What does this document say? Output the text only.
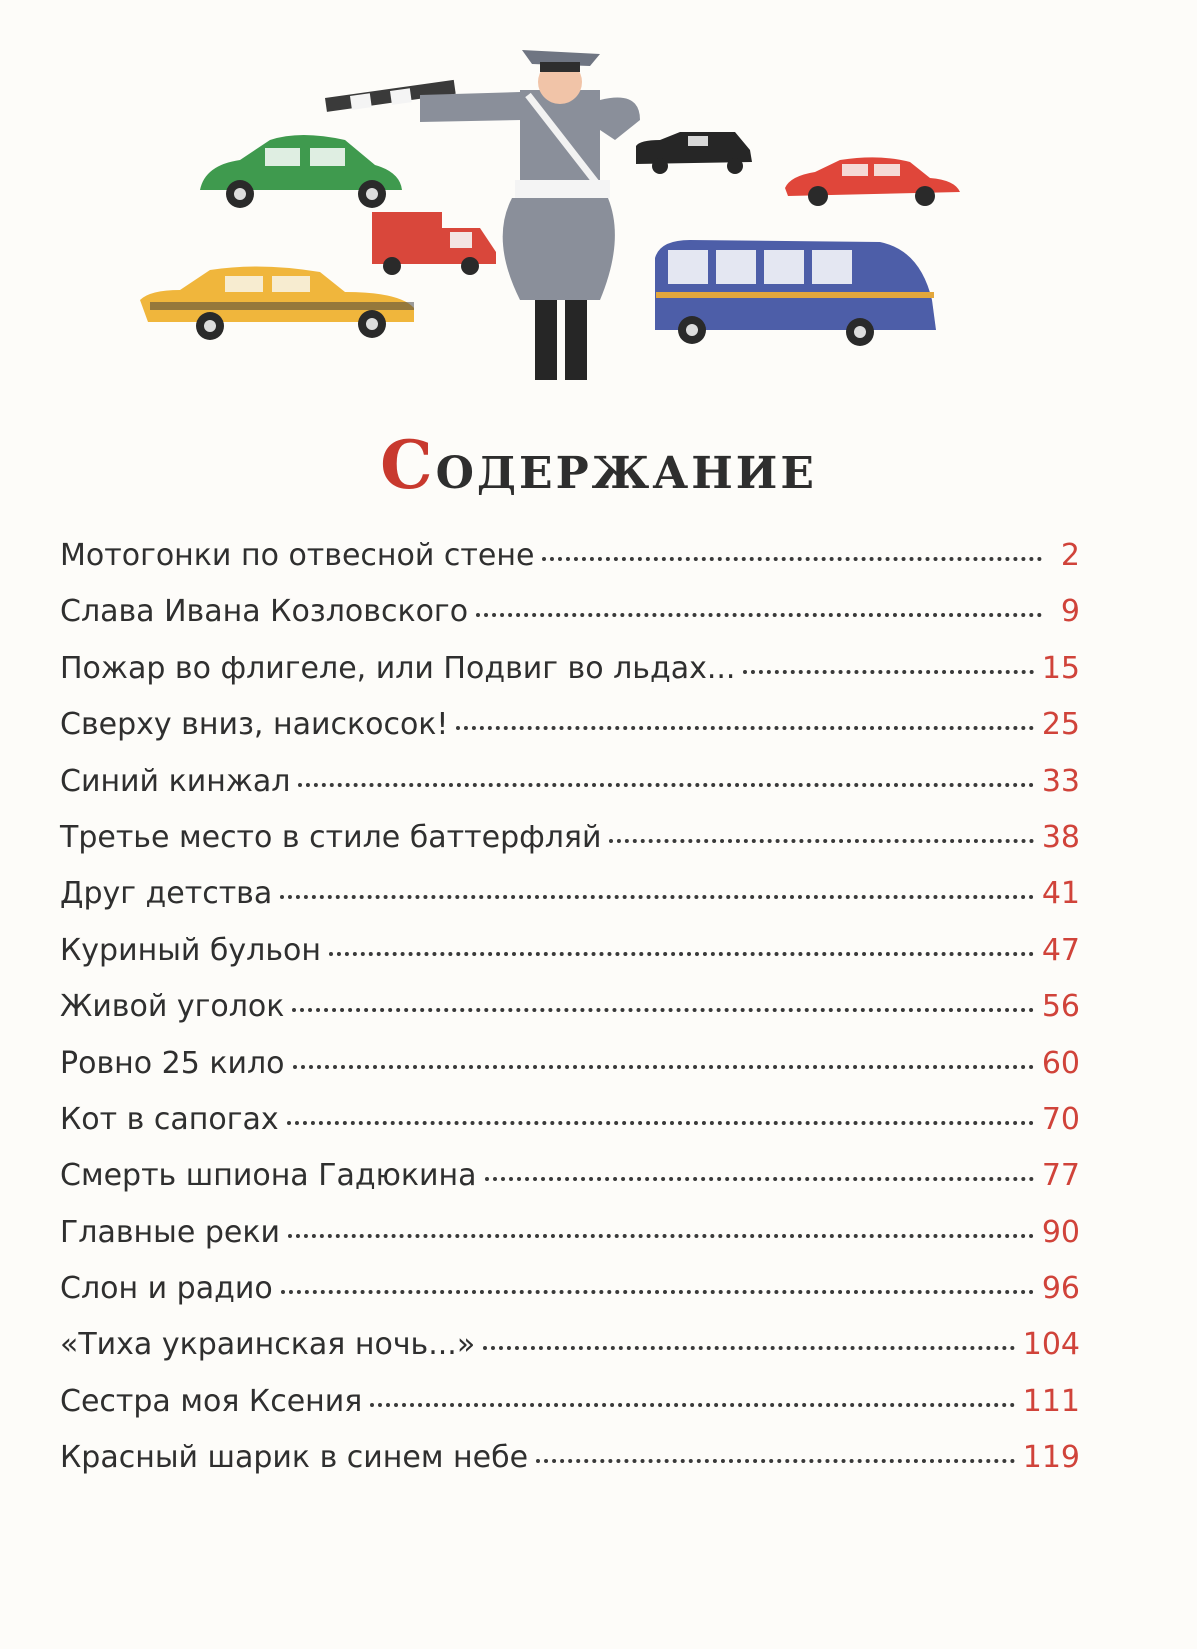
СОДЕРЖАНИЕ
Мотогонки по отвесной стене	2
Слава Ивана Козловского	9
Пожар во флигеле, или Подвиг во льдах...	15
Сверху вниз, наискосок!	25
Синий кинжал	33
Третье место в стиле баттерфляй	38
Друг детства	41
Куриный бульон	47
Живой уголок	56
Ровно 25 кило	60
Кот в сапогах	70
Смерть шпиона Гадюкина	77
Главные реки	90
Слон и радио	96
«Тиха украинская ночь...»	104
Сестра моя Ксения	111
Красный шарик в синем небе	119
